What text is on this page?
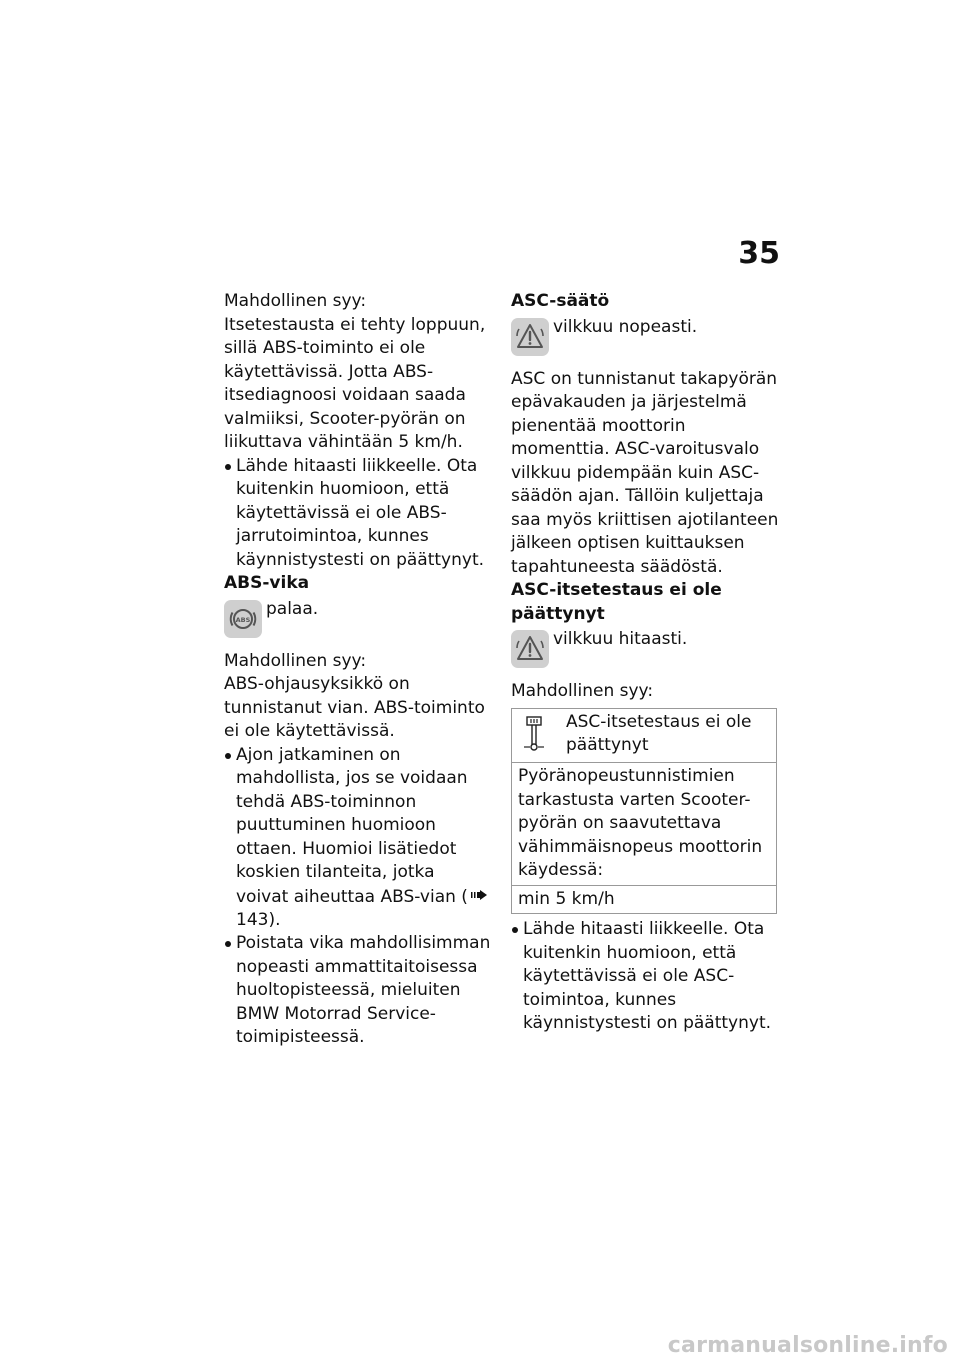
35

Mahdollinen syy:

Itsetestausta ei tehty loppuun, sillä ABS-toiminto ei ole käytettävissä. Jotta ABS-itsediagnoosi voidaan saada valmiiksi, Scooter-pyörän on liikuttava vähintään 5 km/h.

Lähde hitaasti liikkeelle. Ota kuitenkin huomioon, että käytettävissä ei ole ABS-jarrutoimintoa, kunnes käynnistystesti on päättynyt.

ABS-vika

ABS
palaa.

Mahdollinen syy:

ABS-ohjausyksikkö on tunnistanut vian. ABS-toiminto ei ole käytettävissä.

Ajon jatkaminen on mahdollista, jos se voidaan tehdä ABS-toiminnon puuttuminen huomioon ottaen. Huomioi lisätiedot koskien tilanteita, jotka voivat aiheuttaa ABS-vian (143).
Poistata vika mahdollisimman nopeasti ammattitaitoisessa huoltopisteessä, mieluiten BMW Motorrad Service-toimipisteessä.

ASC-säätö

vilkkuu nopeasti.

ASC on tunnistanut takapyörän epävakauden ja järjestelmä pienentää moottorin momenttia. ASC-varoitusvalo vilkkuu pidempään kuin ASC-säädön ajan. Tällöin kuljettaja saa myös kriittisen ajotilanteen jälkeen optisen kuittauksen tapahtuneesta säädöstä.

ASC-itsetestaus ei ole päättynyt

vilkkuu hitaasti.

Mahdollinen syy:

ASC-itsetestaus ei ole päättynyt

Pyöränopeustunnistimien tarkastusta varten Scooter-pyörän on saavutettava vähimmäisnopeus moottorin käydessä:
min 5 km/h
Lähde hitaasti liikkeelle. Ota kuitenkin huomioon, että käytettävissä ei ole ASC-toimintoa, kunnes käynnistystesti on päättynyt.
carmanualsonline.info
